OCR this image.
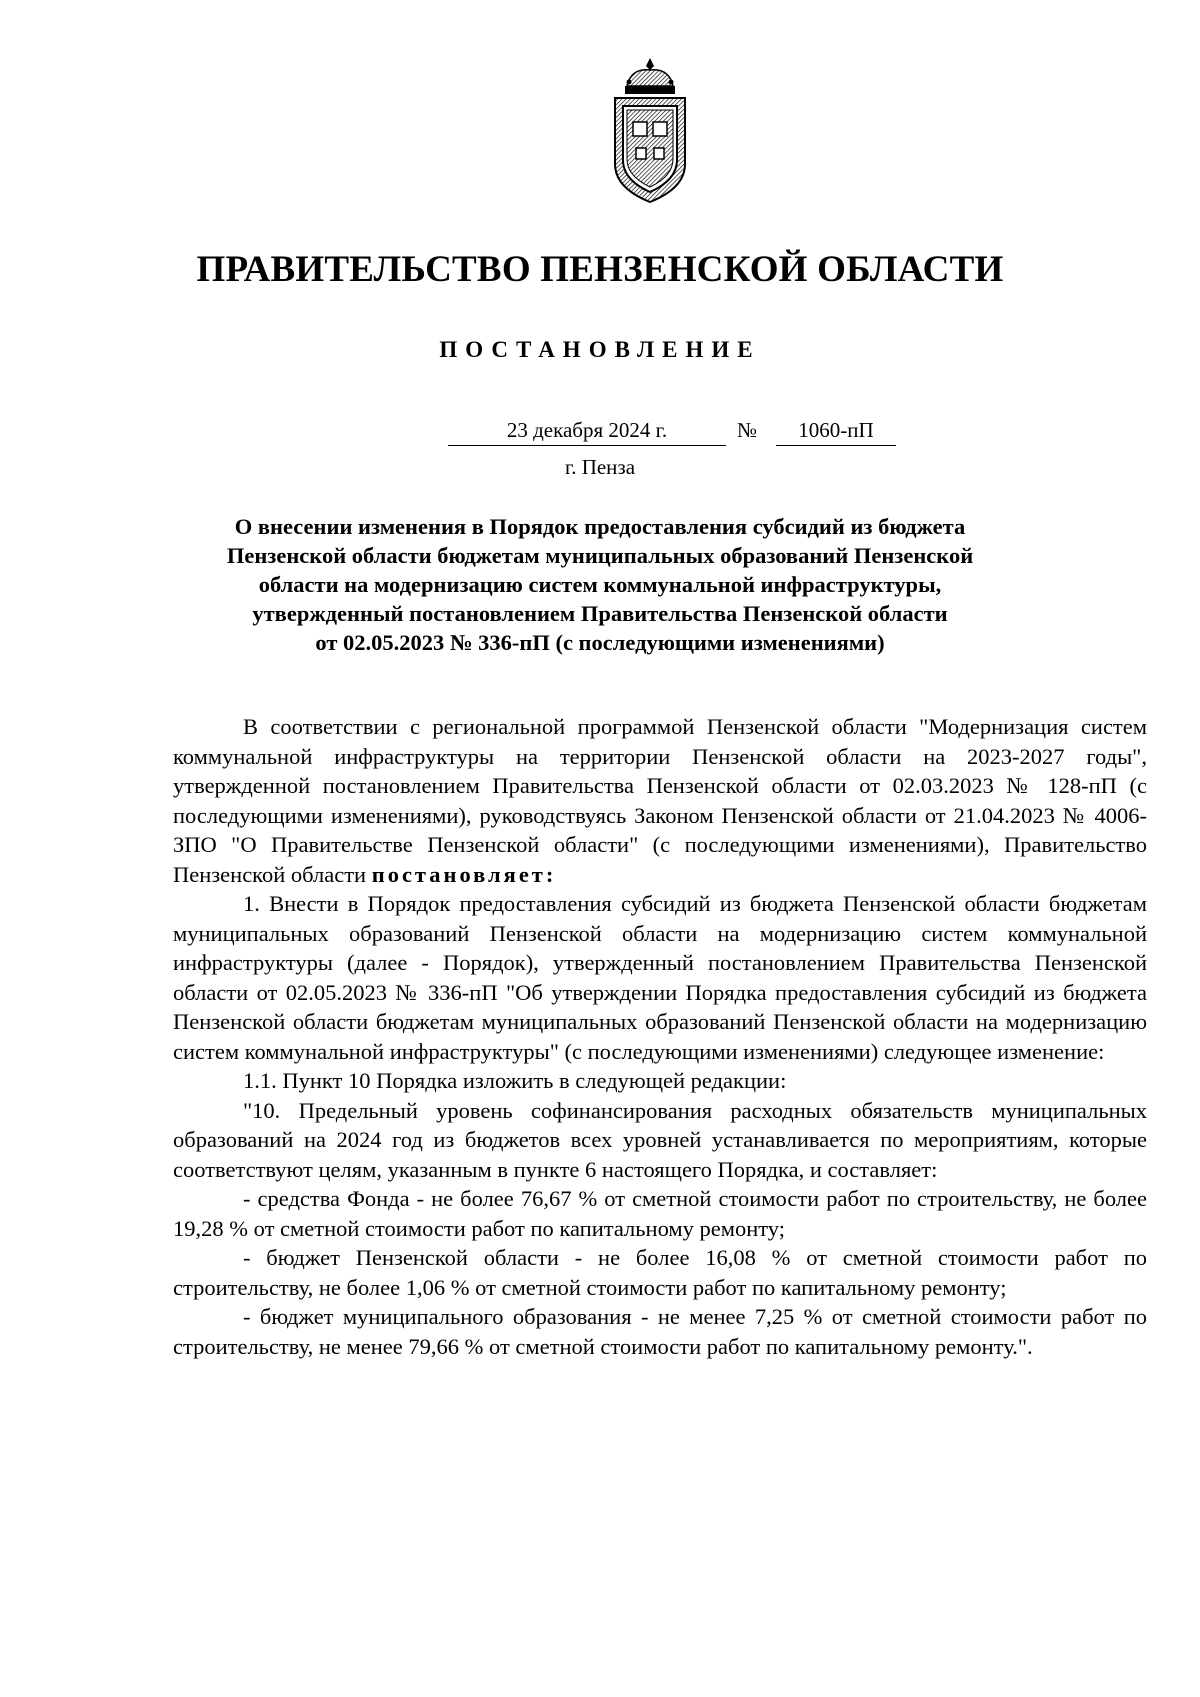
ПРАВИТЕЛЬСТВО ПЕНЗЕНСКОЙ ОБЛАСТИ
ПОСТАНОВЛЕНИЕ
23 декабря 2024 г.	№	1060-пП
г. Пенза
О внесении изменения в Порядок предоставления субсидий из бюджета
Пензенской области бюджетам муниципальных образований Пензенской
области на модернизацию систем коммунальной инфраструктуры,
утвержденный постановлением Правительства Пензенской области
от 02.05.2023 № 336-пП (с последующими изменениями)

В соответствии с региональной программой Пензенской области "Модернизация систем коммунальной инфраструктуры на территории Пензенской области на 2023-2027 годы", утвержденной постановлением Правительства Пензенской области от 02.03.2023 № 128-пП (с последующими изменениями), руководствуясь Законом Пензенской области от 21.04.2023 № 4006-ЗПО "О Правительстве Пензенской области" (с последующими изменениями), Правительство Пензенской области постановляет:

1. Внести в Порядок предоставления субсидий из бюджета Пензенской области бюджетам муниципальных образований Пензенской области на модернизацию систем коммунальной инфраструктуры (далее - Порядок), утвержденный постановлением Правительства Пензенской области от 02.05.2023 № 336-пП "Об утверждении Порядка предоставления субсидий из бюджета Пензенской области бюджетам муниципальных образований Пензенской области на модернизацию систем коммунальной инфраструктуры" (с последующими изменениями) следующее изменение:

1.1. Пункт 10 Порядка изложить в следующей редакции:

"10. Предельный уровень софинансирования расходных обязательств муниципальных образований на 2024 год из бюджетов всех уровней устанавливается по мероприятиям, которые соответствуют целям, указанным в пункте 6 настоящего Порядка, и составляет:

- средства Фонда - не более 76,67 % от сметной стоимости работ по строительству, не более 19,28 % от сметной стоимости работ по капитальному ремонту;

- бюджет Пензенской области - не более 16,08 % от сметной стоимости работ по строительству, не более 1,06 % от сметной стоимости работ по капитальному ремонту;

- бюджет муниципального образования - не менее 7,25 % от сметной стоимости работ по строительству, не менее 79,66 % от сметной стоимости работ по капитальному ремонту.".
